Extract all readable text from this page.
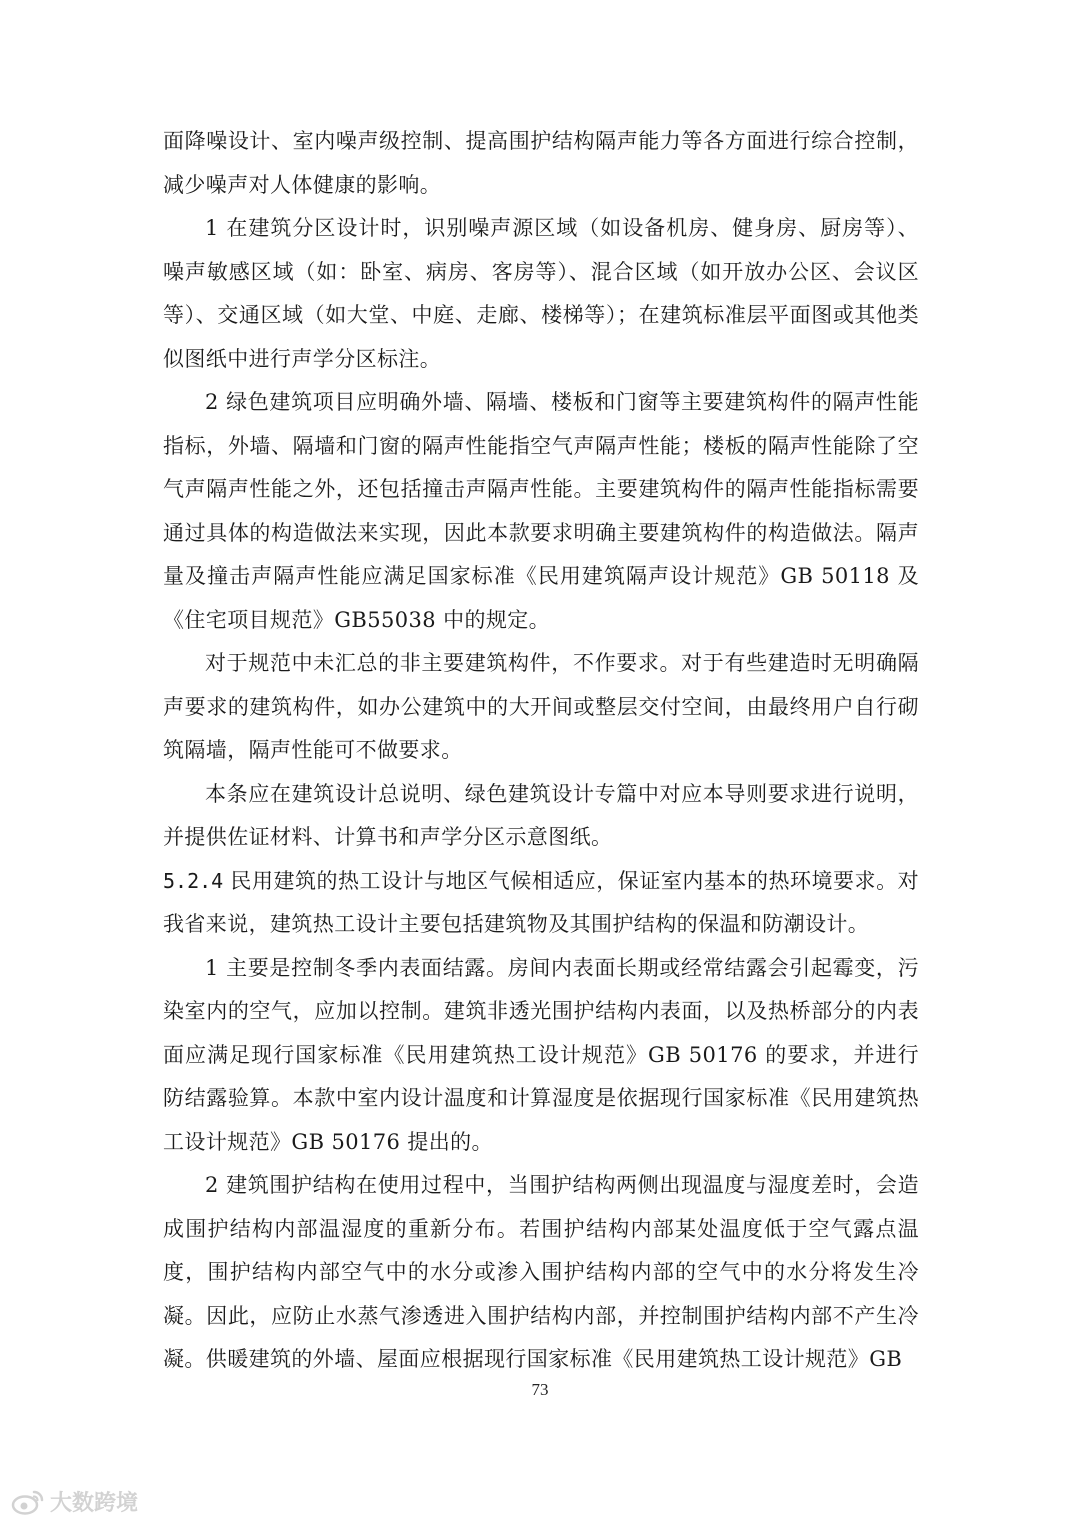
面降噪设计、室内噪声级控制、提高围护结构隔声能力等各方面进行综合控制，减少噪声对人体健康的影响。

1 在建筑分区设计时，识别噪声源区域（如设备机房、健身房、厨房等）、噪声敏感区域（如：卧室、病房、客房等）、混合区域（如开放办公区、会议区等）、交通区域（如大堂、中庭、走廊、楼梯等）；在建筑标准层平面图或其他类似图纸中进行声学分区标注。

2 绿色建筑项目应明确外墙、隔墙、楼板和门窗等主要建筑构件的隔声性能指标，外墙、隔墙和门窗的隔声性能指空气声隔声性能；楼板的隔声性能除了空气声隔声性能之外，还包括撞击声隔声性能。主要建筑构件的隔声性能指标需要通过具体的构造做法来实现，因此本款要求明确主要建筑构件的构造做法。隔声量及撞击声隔声性能应满足国家标准《民用建筑隔声设计规范》GB 50118 及《住宅项目规范》GB55038 中的规定。

对于规范中未汇总的非主要建筑构件，不作要求。对于有些建造时无明确隔声要求的建筑构件，如办公建筑中的大开间或整层交付空间，由最终用户自行砌筑隔墙，隔声性能可不做要求。

本条应在建筑设计总说明、绿色建筑设计专篇中对应本导则要求进行说明，并提供佐证材料、计算书和声学分区示意图纸。

5.2.4 民用建筑的热工设计与地区气候相适应，保证室内基本的热环境要求。对我省来说，建筑热工设计主要包括建筑物及其围护结构的保温和防潮设计。

1 主要是控制冬季内表面结露。房间内表面长期或经常结露会引起霉变，污染室内的空气，应加以控制。建筑非透光围护结构内表面，以及热桥部分的内表面应满足现行国家标准《民用建筑热工设计规范》GB 50176 的要求，并进行防结露验算。本款中室内设计温度和计算湿度是依据现行国家标准《民用建筑热工设计规范》GB 50176 提出的。

2 建筑围护结构在使用过程中，当围护结构两侧出现温度与湿度差时，会造成围护结构内部温湿度的重新分布。若围护结构内部某处温度低于空气露点温度，围护结构内部空气中的水分或渗入围护结构内部的空气中的水分将发生冷凝。因此，应防止水蒸气渗透进入围护结构内部，并控制围护结构内部不产生冷凝。供暖建筑的外墙、屋面应根据现行国家标准《民用建筑热工设计规范》GB

73
大数跨境
